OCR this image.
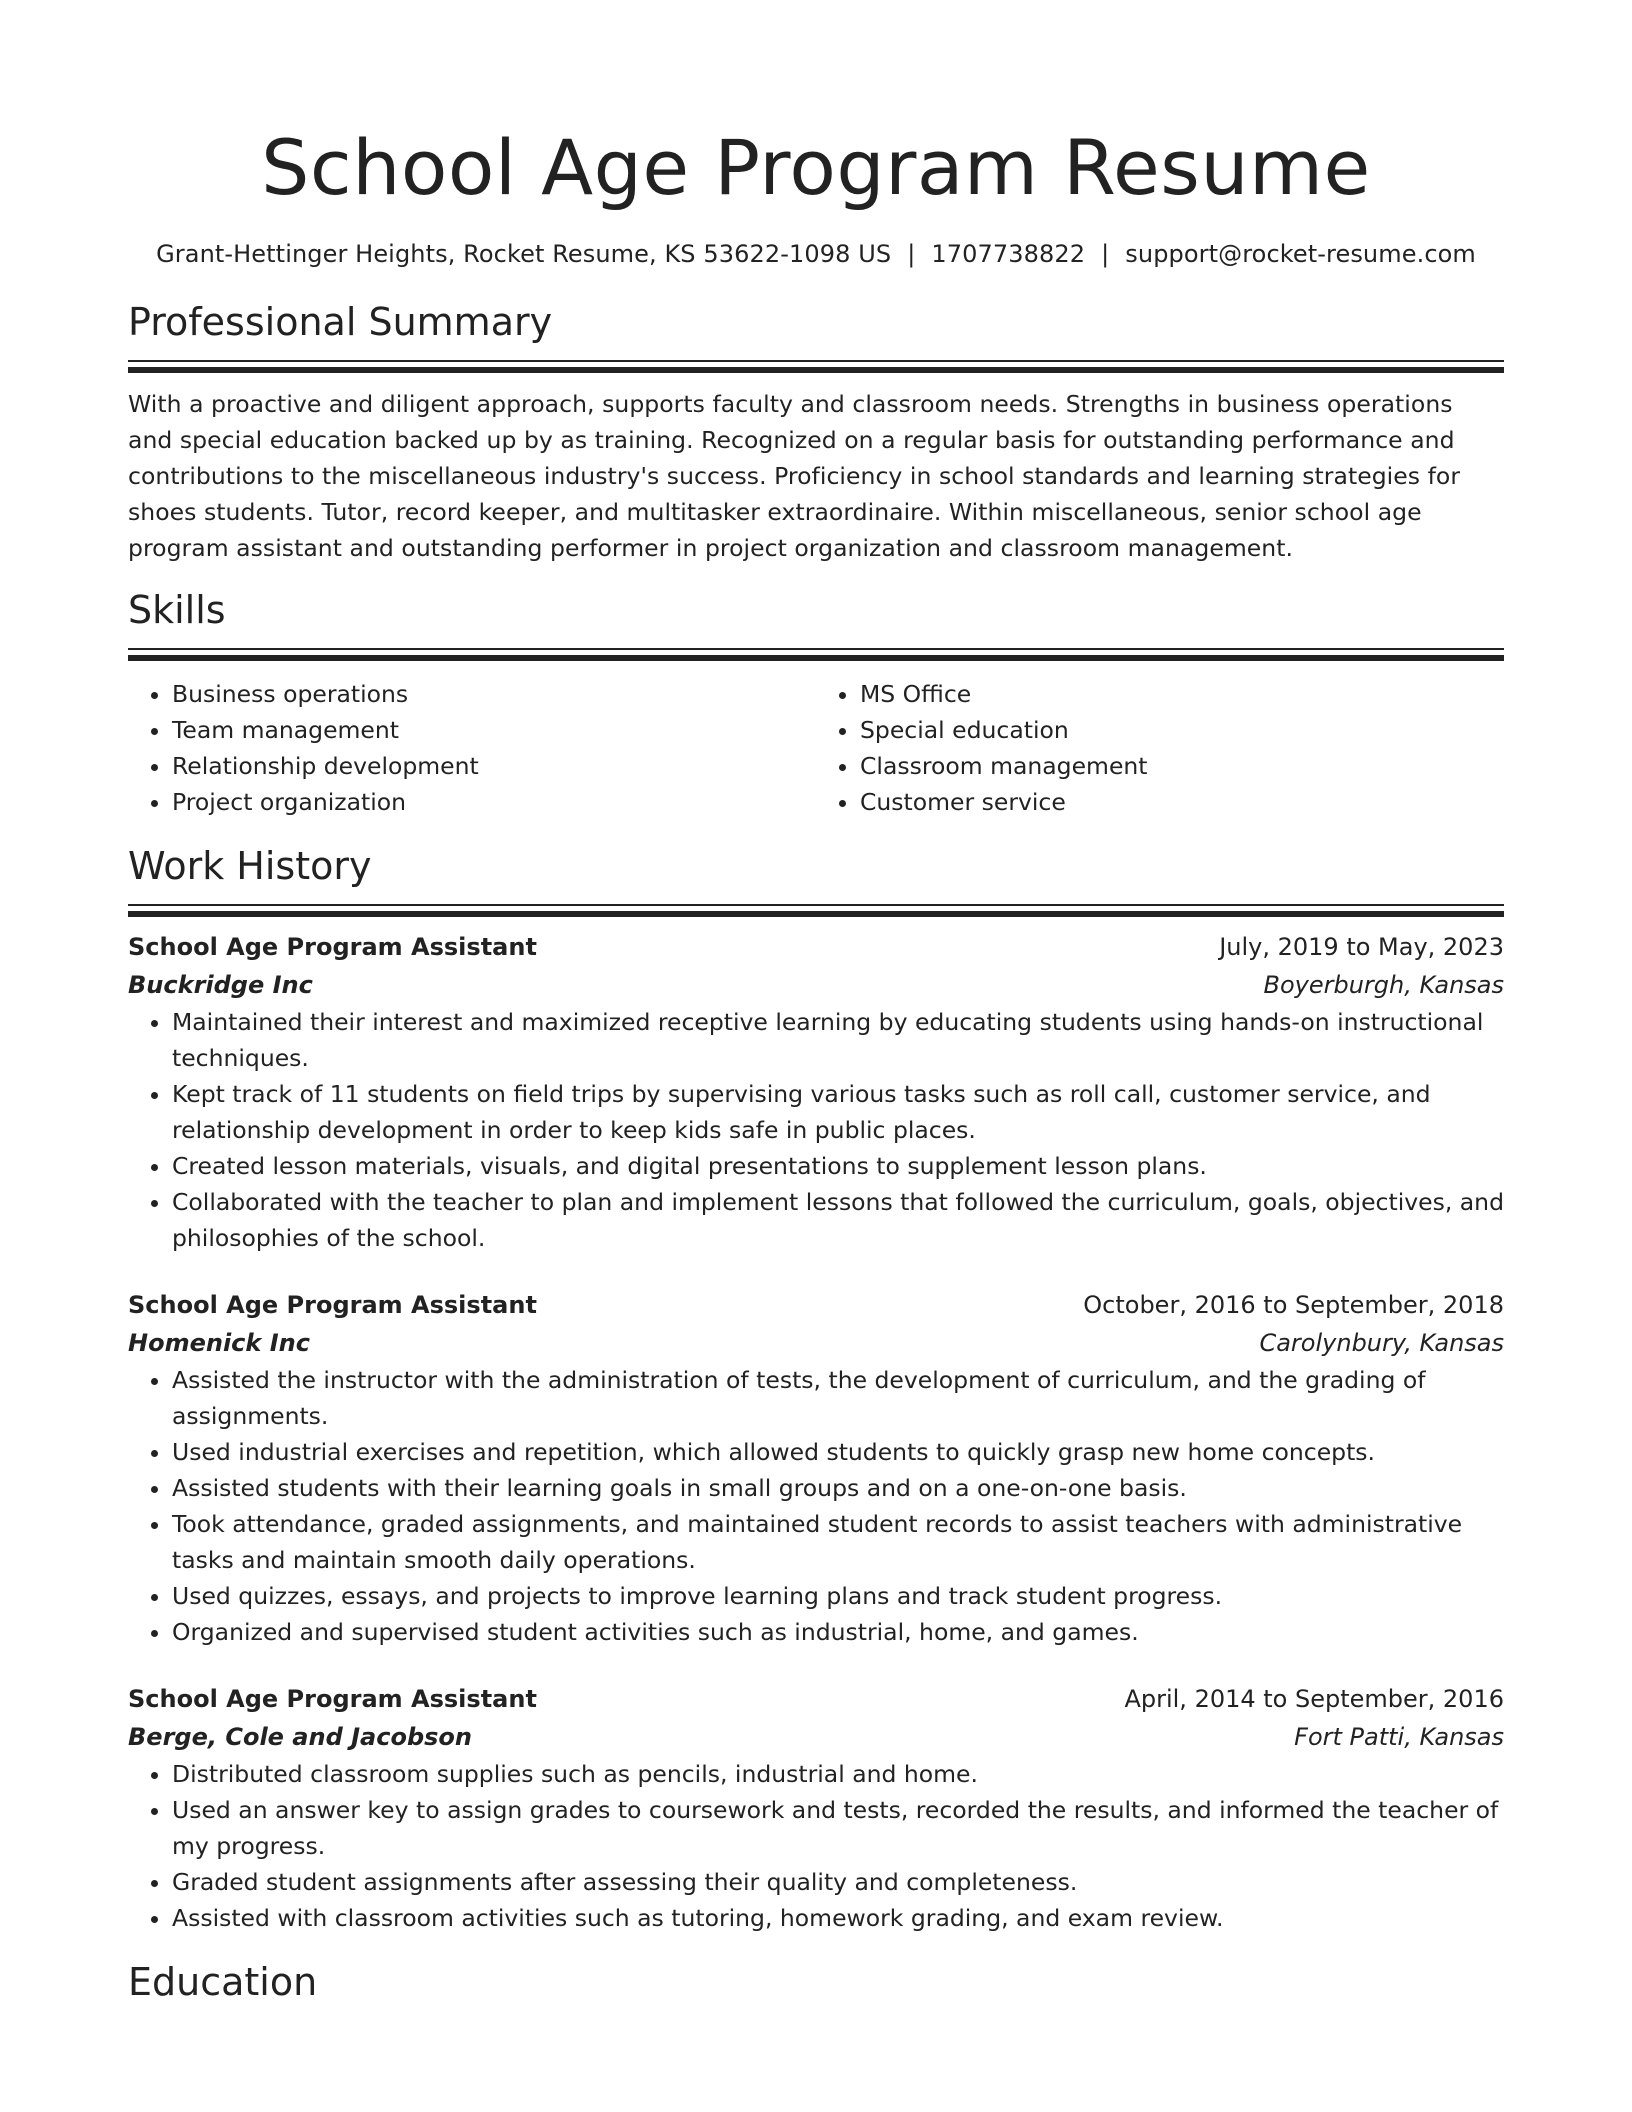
School Age Program Resume
Grant-Hettinger Heights, Rocket Resume, KS 53622-1098 US | 1707738822 | support@rocket-resume.com
Professional Summary
With a proactive and diligent approach, supports faculty and classroom needs. Strengths in business operations and special education backed up by as training. Recognized on a regular basis for outstanding performance and contributions to the miscellaneous industry's success. Proficiency in school standards and learning strategies for shoes students. Tutor, record keeper, and multitasker extraordinaire. Within miscellaneous, senior school age program assistant and outstanding performer in project organization and classroom management.
Skills
• Business operations
• Team management
• Relationship development
• Project organization
• MS Office
• Special education
• Classroom management
• Customer service
Work History
School Age Program Assistant	July, 2019 to May, 2023
Buckridge Inc	Boyerburgh, Kansas
• Maintained their interest and maximized receptive learning by educating students using hands-on instructional techniques.
• Kept track of 11 students on field trips by supervising various tasks such as roll call, customer service, and relationship development in order to keep kids safe in public places.
• Created lesson materials, visuals, and digital presentations to supplement lesson plans.
• Collaborated with the teacher to plan and implement lessons that followed the curriculum, goals, objectives, and philosophies of the school.
School Age Program Assistant	October, 2016 to September, 2018
Homenick Inc	Carolynbury, Kansas
• Assisted the instructor with the administration of tests, the development of curriculum, and the grading of assignments.
• Used industrial exercises and repetition, which allowed students to quickly grasp new home concepts.
• Assisted students with their learning goals in small groups and on a one-on-one basis.
• Took attendance, graded assignments, and maintained student records to assist teachers with administrative tasks and maintain smooth daily operations.
• Used quizzes, essays, and projects to improve learning plans and track student progress.
• Organized and supervised student activities such as industrial, home, and games.
School Age Program Assistant	April, 2014 to September, 2016
Berge, Cole and Jacobson	Fort Patti, Kansas
• Distributed classroom supplies such as pencils, industrial and home.
• Used an answer key to assign grades to coursework and tests, recorded the results, and informed the teacher of my progress.
• Graded student assignments after assessing their quality and completeness.
• Assisted with classroom activities such as tutoring, homework grading, and exam review.
Education
